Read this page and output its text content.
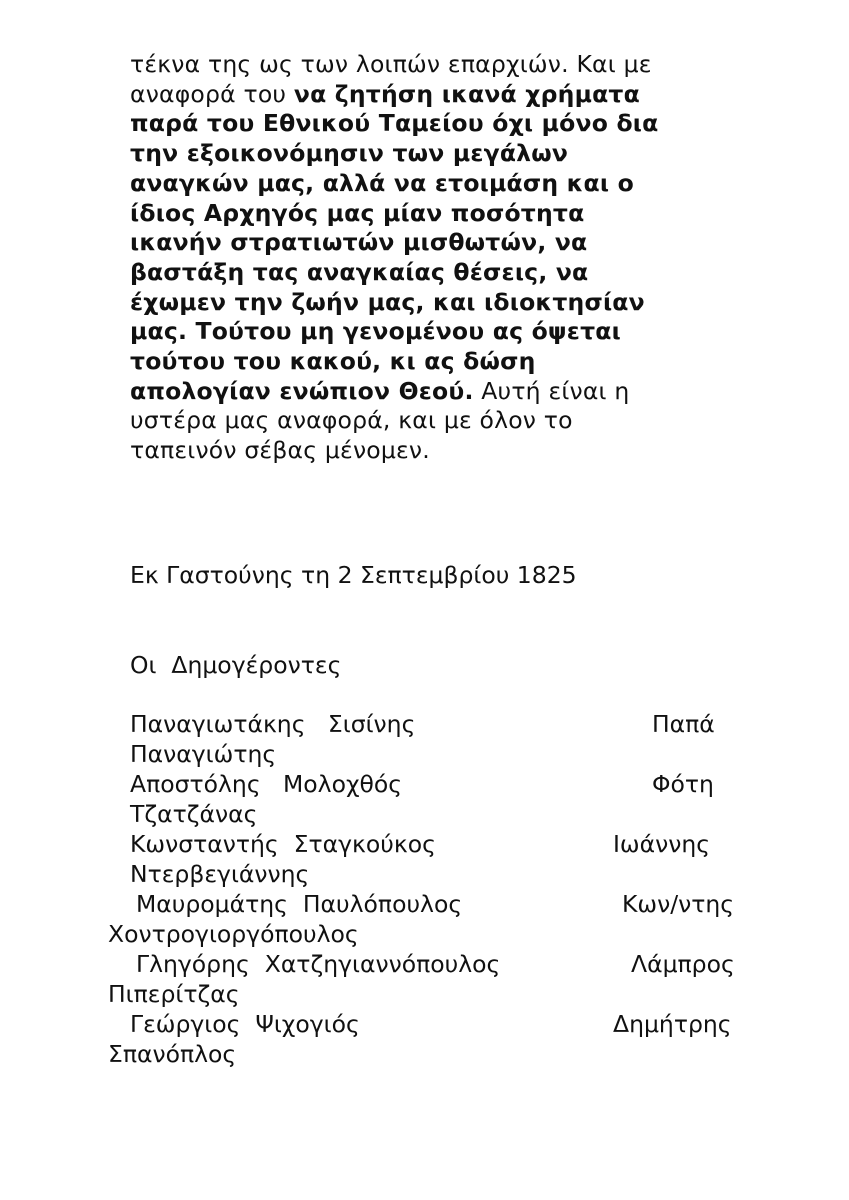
τέκνα της ως των λοιπών επαρχιών. Και με
αναφορά του να ζητήση ικανά χρήματα
παρά του Εθνικού Ταμείου όχι μόνο δια
την εξοικονόμησιν των μεγάλων
αναγκών μας, αλλά να ετοιμάση και ο
ίδιος Αρχηγός μας μίαν ποσότητα
ικανήν στρατιωτών μισθωτών, να
βαστάξη τας αναγκαίας θέσεις, να
έχωμεν την ζωήν μας, και ιδιοκτησίαν
μας. Τούτου μη γενομένου ας όψεται
τούτου του κακού, κι ας δώση
απολογίαν ενώπιον Θεού. Αυτή είναι η
υστέρα μας αναφορά, και με όλον το
ταπεινόν σέβας μένομεν.
Εκ Γαστούνης τη 2 Σεπτεμβρίου 1825
Οι  Δημογέροντες
Παναγιωτάκης   Σισίνης	Παπά
Παναγιώτης
Αποστόλης   Μολοχθός	Φότη
Τζατζάνας
Κωνσταντής  Σταγκούκος	Ιωάννης
Ντερβεγιάννης
Μαυρομάτης  Παυλόπουλος	Κων/ντης
Χοντρογιοργόπουλος
Γληγόρης  Χατζηγιαννόπουλος	Λάμπρος
Πιπερίτζας
Γεώργιος  Ψιχογιός	Δημήτρης
Σπανόπλος
